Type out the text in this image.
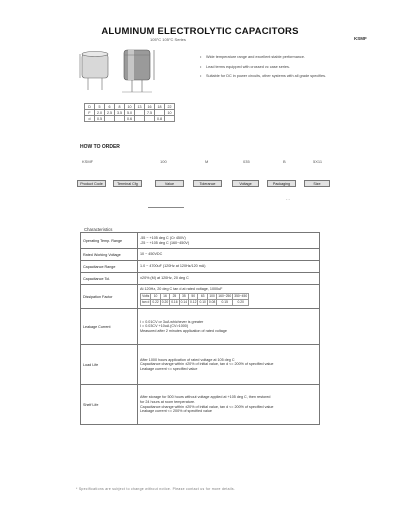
ALUMINUM ELECTROLYTIC CAPACITORS
105°C 105°C Series	KSMF
• Wide temperature range and excellent stable performance.
• Lead terms equipped with crossed vc case series.
• Suitable for DC in power circuits, other systems with all grade specifies.
D	5	6	8	10	13	16	18	22
F	2.0	2.5	3.5	5.0		7.5		10
d	0.5			0.6			0.8	
HOW TO ORDER
KSMF	100	M	035	B	5X11
Product Code	Terminal Cfg	Value	Tolerance	Voltage	Packaging	Size
- -
Characteristics
Operating Temp. Range	
-55 ~ +105 deg C (Cr 450V)
-25 ~ +105 deg C (160~450V)

Rated Working Voltage	10 ~ 450VDC

Capacitance Range	1.0 ~ 4700uF (120Hz at 120Hz/120 mA)

Capacitance Tol.	±20% (M) at 120Hz, 20 deg C

Dissipation Factor	
At 120Hz, 20 deg C tan d at rated voltage, 1000uF
Volts	10	16	25	35	50	63	100	160~250	350~450
tan d	0.22	0.20	0.16	0.14	0.12	0.10	0.08	0.15	0.20

Leakage Current	
I = 0.01CV or 3uA whichever is greater
I = 0.03CV +10uA (CV>1000)
Measured after 2 minutes application of rated voltage

Load Life	
After 1000 hours application of rated voltage at 105 deg C
Capacitance change within ±20% of initial value, tan d <= 200% of specified value
Leakage current <= specified value

Shelf Life	
After storage for 500 hours without voltage applied at +105 deg C, then restored
for 24 hours at room temperature.
Capacitance change within ±20% of initial value, tan d <= 200% of specified value
Leakage current <= 200% of specified value
* Specifications are subject to change without notice. Please contact us for more details.
